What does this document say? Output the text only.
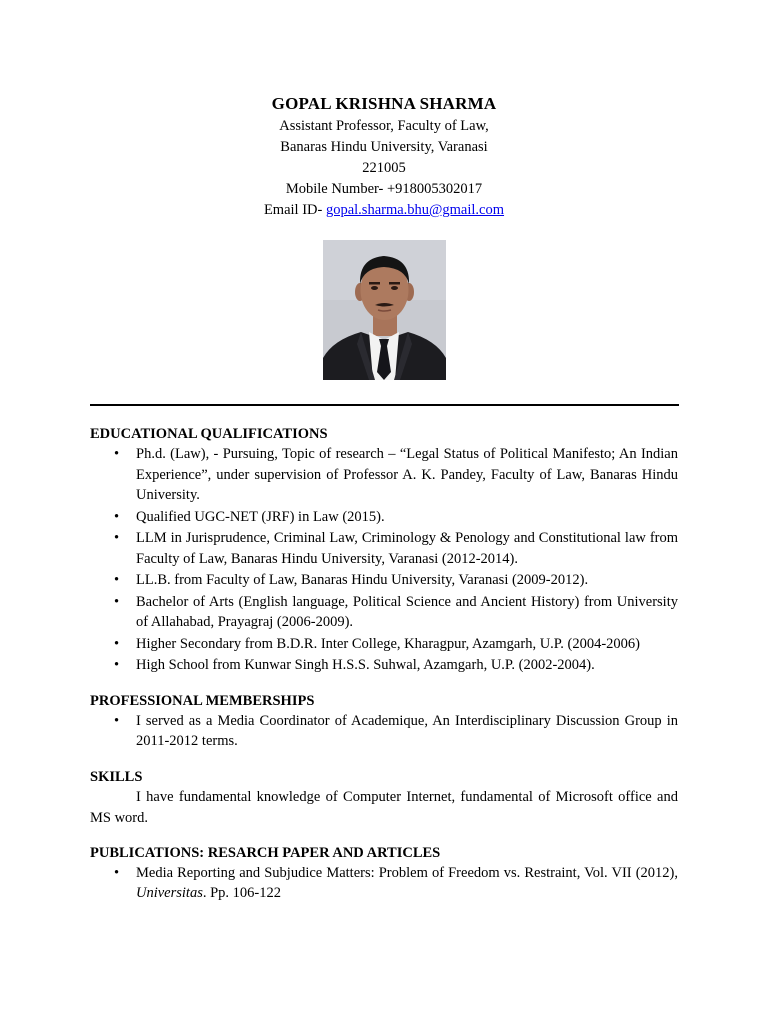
GOPAL KRISHNA SHARMA
Assistant Professor, Faculty of Law,
Banaras Hindu University, Varanasi
221005
Mobile Number- +918005302017
Email ID- gopal.sharma.bhu@gmail.com
EDUCATIONAL QUALIFICATIONS
• Ph.d. (Law), - Pursuing, Topic of research – “Legal Status of Political Manifesto; An Indian Experience”, under supervision of Professor A. K. Pandey, Faculty of Law, Banaras Hindu University.
• Qualified UGC-NET (JRF) in Law (2015).
• LLM in Jurisprudence, Criminal Law, Criminology & Penology and Constitutional law from Faculty of Law, Banaras Hindu University, Varanasi (2012-2014).
• LL.B. from Faculty of Law, Banaras Hindu University, Varanasi (2009-2012).
• Bachelor of Arts (English language, Political Science and Ancient History) from University of Allahabad, Prayagraj (2006-2009).
• Higher Secondary from B.D.R. Inter College, Kharagpur, Azamgarh, U.P. (2004-2006)
• High School from Kunwar Singh H.S.S. Suhwal, Azamgarh, U.P. (2002-2004).
PROFESSIONAL MEMBERSHIPS
• I served as a Media Coordinator of Academique, An Interdisciplinary Discussion Group in 2011-2012 terms.
SKILLS

I have fundamental knowledge of Computer Internet, fundamental of Microsoft office and MS word.

PUBLICATIONS: RESARCH PAPER AND ARTICLES
• Media Reporting and Subjudice Matters: Problem of Freedom vs. Restraint, Vol. VII (2012), Universitas. Pp. 106-122
